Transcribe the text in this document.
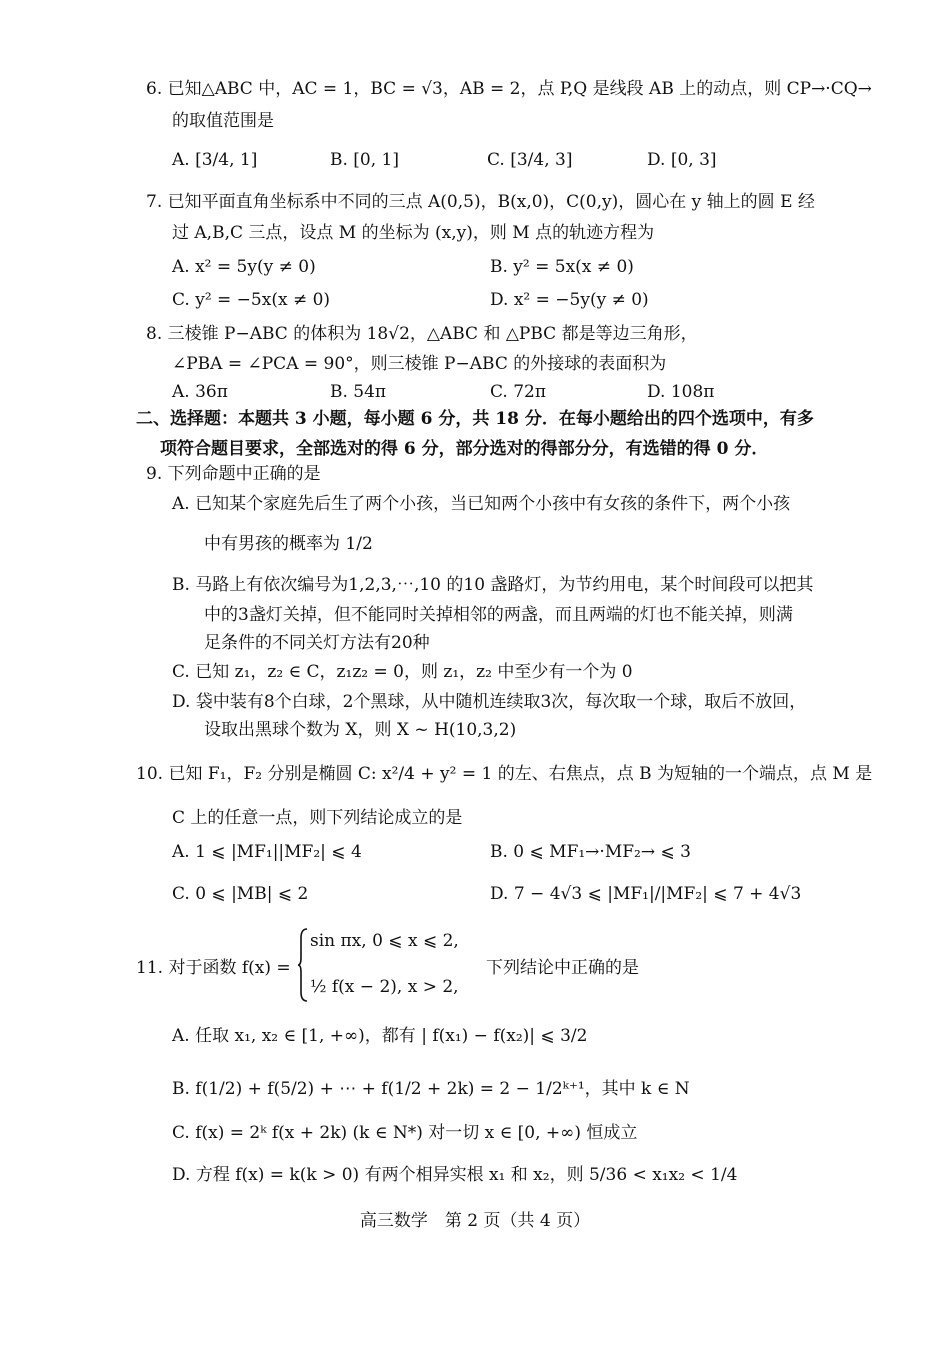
6. 已知△ABC 中，AC = 1，BC = √3，AB = 2，点 P,Q 是线段 AB 上的动点，则 CP→·CQ→
的取值范围是
A. [3/4, 1]	B. [0, 1]	C. [3/4, 3]	D. [0, 3]
7. 已知平面直角坐标系中不同的三点 A(0,5)，B(x,0)，C(0,y)，圆心在 y 轴上的圆 E 经
过 A,B,C 三点，设点 M 的坐标为 (x,y)，则 M 点的轨迹方程为
A. x² = 5y(y ≠ 0)	B. y² = 5x(x ≠ 0)
C. y² = −5x(x ≠ 0)	D. x² = −5y(y ≠ 0)
8. 三棱锥 P−ABC 的体积为 18√2，△ABC 和 △PBC 都是等边三角形，
∠PBA = ∠PCA = 90°，则三棱锥 P−ABC 的外接球的表面积为
A. 36π	B. 54π	C. 72π	D. 108π
二、选择题：本题共 3 小题，每小题 6 分，共 18 分．在每小题给出的四个选项中，有多
项符合题目要求，全部选对的得 6 分，部分选对的得部分分，有选错的得 0 分．
9. 下列命题中正确的是
A. 已知某个家庭先后生了两个小孩，当已知两个小孩中有女孩的条件下，两个小孩
中有男孩的概率为 1/2
B. 马路上有依次编号为1,2,3,⋯,10 的10 盏路灯，为节约用电，某个时间段可以把其
中的3盏灯关掉，但不能同时关掉相邻的两盏，而且两端的灯也不能关掉，则满
足条件的不同关灯方法有20种
C. 已知 z₁，z₂ ∈ C，z₁z₂ = 0，则 z₁，z₂ 中至少有一个为 0
D. 袋中装有8个白球，2个黑球，从中随机连续取3次，每次取一个球，取后不放回，
设取出黑球个数为 X，则 X ~ H(10,3,2)
10. 已知 F₁，F₂ 分别是椭圆 C: x²/4 + y² = 1 的左、右焦点，点 B 为短轴的一个端点，点 M 是
C 上的任意一点，则下列结论成立的是
A. 1 ⩽ |MF₁||MF₂| ⩽ 4	B. 0 ⩽ MF₁→·MF₂→ ⩽ 3
C. 0 ⩽ |MB| ⩽ 2	D. 7 − 4√3 ⩽ |MF₁|/|MF₂| ⩽ 7 + 4√3
11. 对于函数 f(x) =
sin πx, 0 ⩽ x ⩽ 2,
½ f(x − 2), x > 2,
下列结论中正确的是
A. 任取 x₁, x₂ ∈ [1, +∞)，都有 | f(x₁) − f(x₂)| ⩽ 3/2
B. f(1/2) + f(5/2) + ⋯ + f(1/2 + 2k) = 2 − 1/2ᵏ⁺¹，其中 k ∈ N
C. f(x) = 2ᵏ f(x + 2k) (k ∈ N*) 对一切 x ∈ [0, +∞) 恒成立
D. 方程 f(x) = k(k > 0) 有两个相异实根 x₁ 和 x₂，则 5/36 < x₁x₂ < 1/4
高三数学　第 2 页（共 4 页）
